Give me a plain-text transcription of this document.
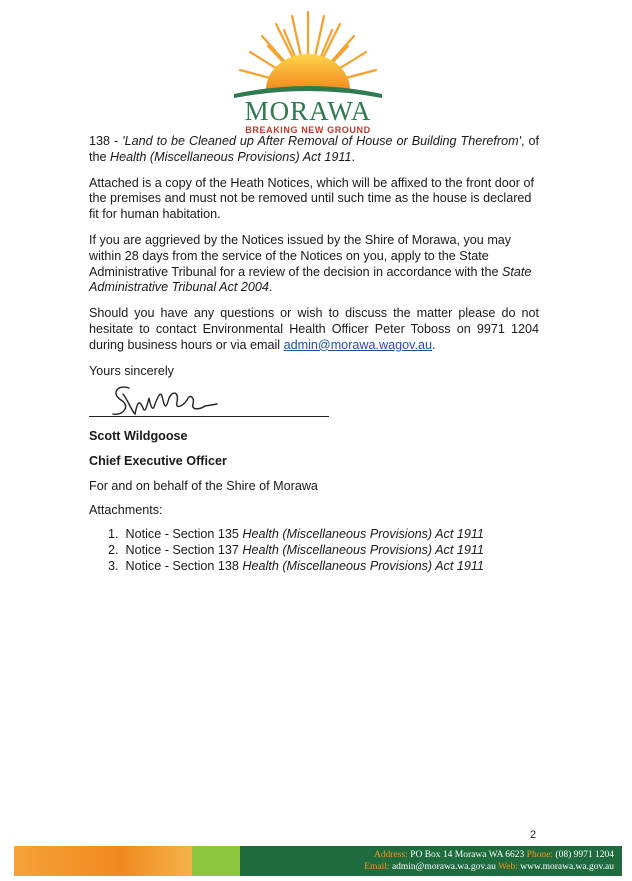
MORAWA
BREAKING NEW GROUND

138 - 'Land to be Cleaned up After Removal of House or Building Therefrom', of the Health (Miscellaneous Provisions) Act 1911.

Attached is a copy of the Heath Notices, which will be affixed to the front door of the premises and must not be removed until such time as the house is declared fit for human habitation.

If you are aggrieved by the Notices issued by the Shire of Morawa, you may within 28 days from the service of the Notices on you, apply to the State Administrative Tribunal for a review of the decision in accordance with the State Administrative Tribunal Act 2004.

Should you have any questions or wish to discuss the matter please do not hesitate to contact Environmental Health Officer Peter Toboss on 9971 1204 during business hours or via email admin@morawa.wagov.au.

Yours sincerely

Scott Wildgoose
Chief Executive Officer
For and on behalf of the Shire of Morawa
Attachments:
1. Notice - Section 135 Health (Miscellaneous Provisions) Act 1911
2. Notice - Section 137 Health (Miscellaneous Provisions) Act 1911
3. Notice - Section 138 Health (Miscellaneous Provisions) Act 1911
2
Address: PO Box 14 Morawa WA 6623 Phone: (08) 9971 1204
Email: admin@morawa.wa.gov.au Web: www.morawa.wa.gov.au
